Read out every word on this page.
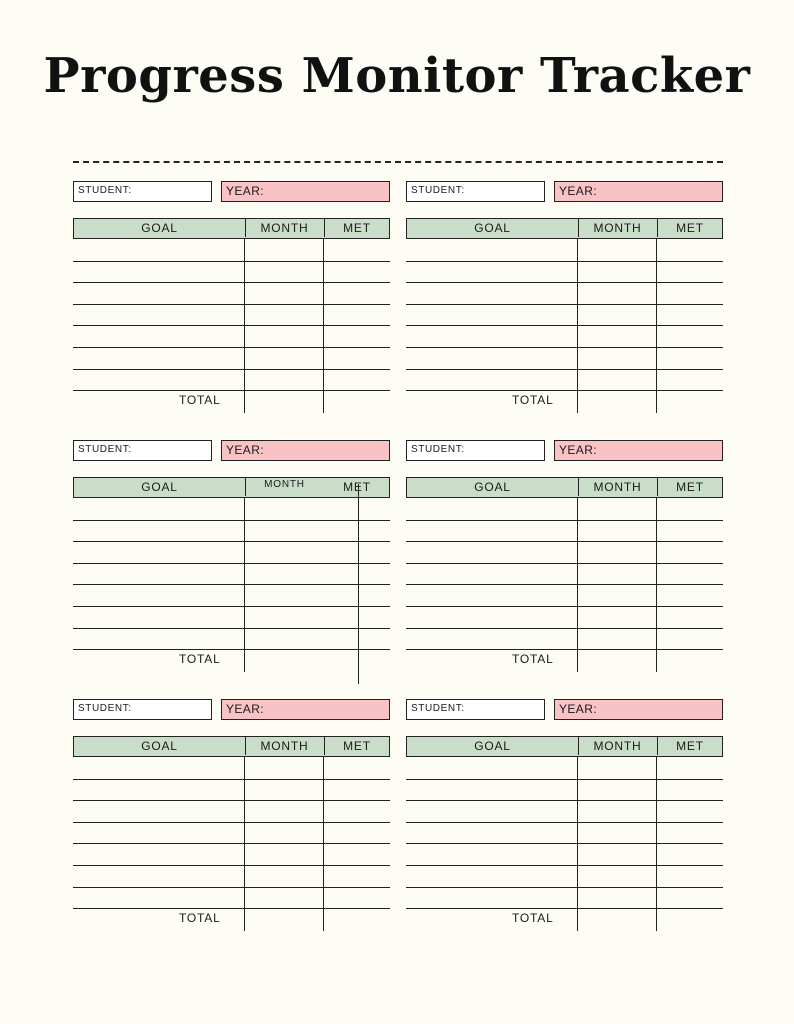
Progress Monitor Tracker
STUDENT:	YEAR:
GOAL	MONTH	MET
TOTAL
STUDENT:	YEAR:
GOAL	MONTH	MET
TOTAL
STUDENT:	YEAR:
GOAL	MONTH	MET
TOTAL
STUDENT:	YEAR:
GOAL	MONTH	MET
TOTAL
STUDENT:	YEAR:
GOAL	MONTH	MET
TOTAL
STUDENT:	YEAR:
GOAL	MONTH	MET
TOTAL
